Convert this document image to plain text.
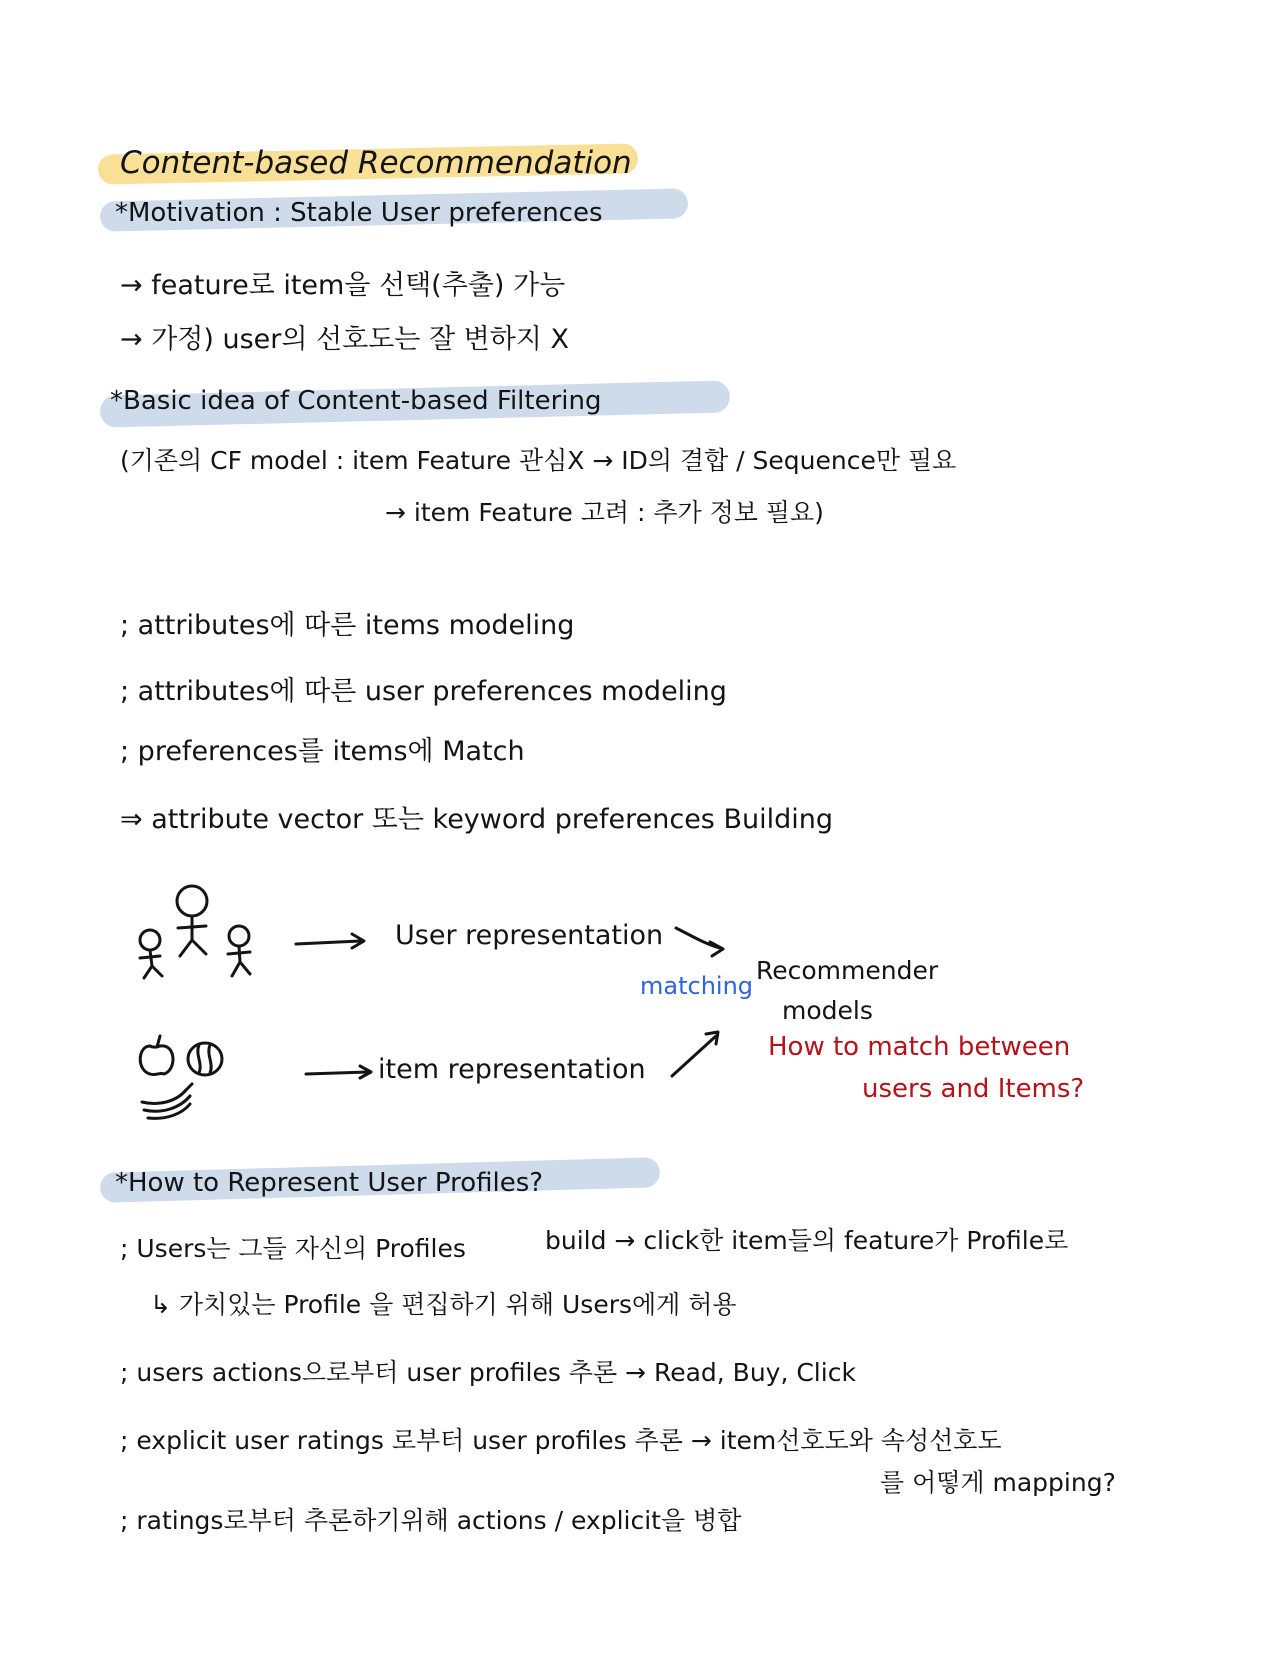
Content-based Recommendation
*Motivation : Stable User preferences
→ feature로 item을 선택(추출) 가능
→ 가정) user의 선호도는 잘 변하지 X
*Basic idea of Content-based Filtering
(기존의 CF model : item Feature 관심X → ID의 결합 / Sequence만 필요
→ item Feature 고려 : 추가 정보 필요)
; attributes에 따른 items modeling
; attributes에 따른 user preferences modeling
; preferences를 items에 Match
⇒ attribute vector 또는 keyword preferences Building
User representation
item representation
matching
Recommender
models
How to match between
users and Items?
*How to Represent User Profiles?
; Users는 그들 자신의 Profiles	build → click한 item들의 feature가 Profile로
↳ 가치있는 Profile 을 편집하기 위해 Users에게 허용
; users actions으로부터 user profiles 추론 → Read, Buy, Click
; explicit user ratings 로부터 user profiles 추론 → item선호도와 속성선호도
를 어떻게 mapping?
; ratings로부터 추론하기위해 actions / explicit을 병합
